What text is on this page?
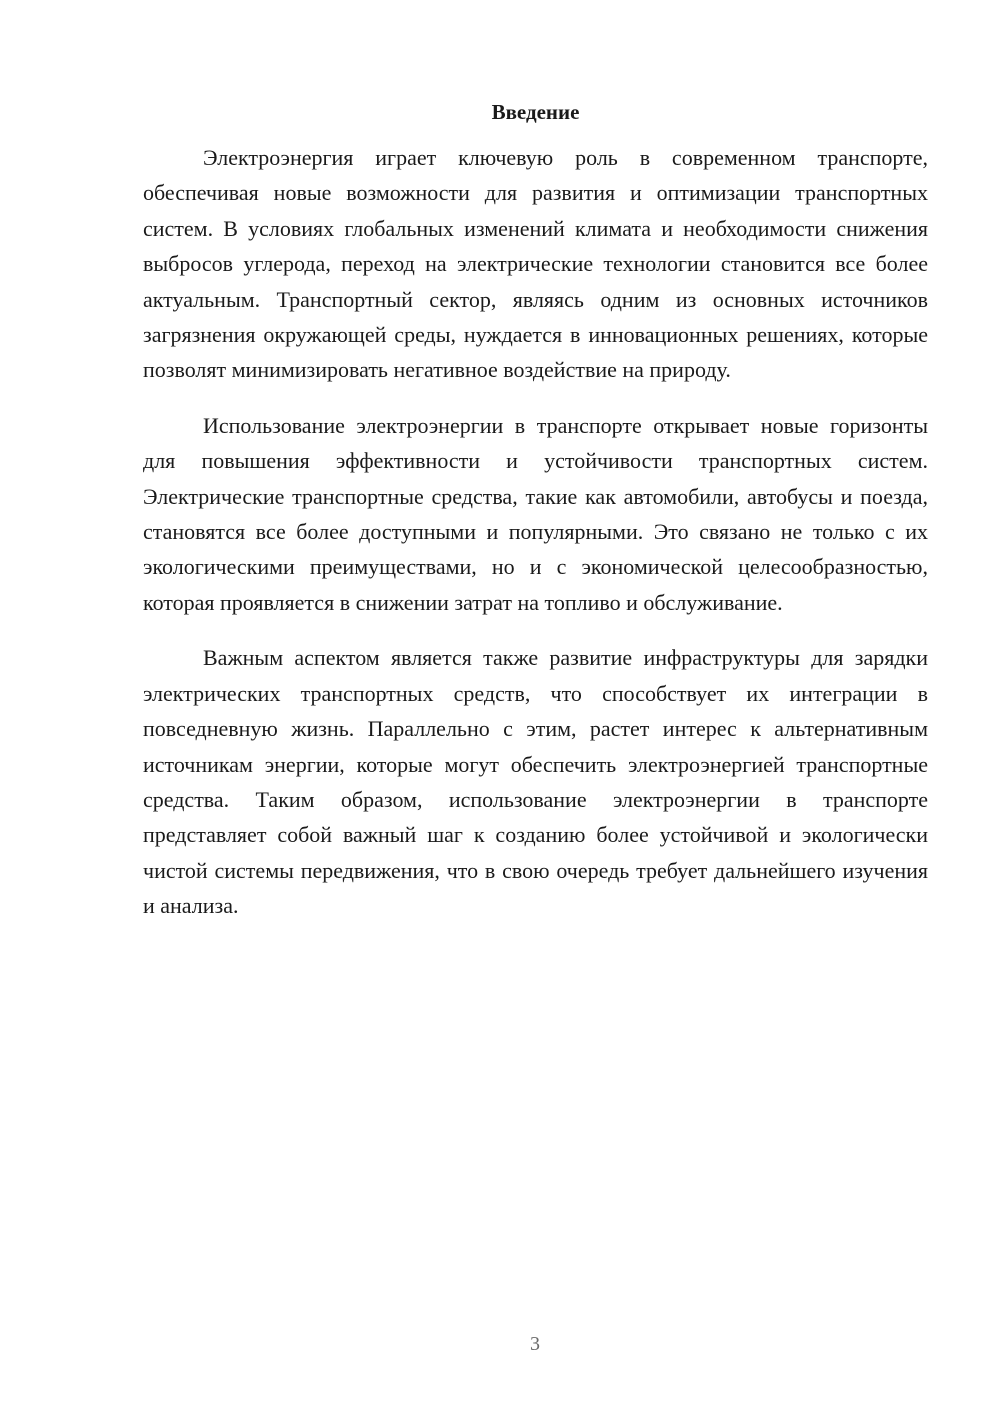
Введение

Электроэнергия играет ключевую роль в современном транспорте, обеспечивая новые возможности для развития и оптимизации транспортных систем. В условиях глобальных изменений климата и необходимости снижения выбросов углерода, переход на электрические технологии становится все более актуальным. Транспортный сектор, являясь одним из основных источников загрязнения окружающей среды, нуждается в инновационных решениях, которые позволят минимизировать негативное воздействие на природу.

Использование электроэнергии в транспорте открывает новые горизонты для повышения эффективности и устойчивости транспортных систем. Электрические транспортные средства, такие как автомобили, автобусы и поезда, становятся все более доступными и популярными. Это связано не только с их экологическими преимуществами, но и с экономической целесообразностью, которая проявляется в снижении затрат на топливо и обслуживание.

Важным аспектом является также развитие инфраструктуры для зарядки электрических транспортных средств, что способствует их интеграции в повседневную жизнь. Параллельно с этим, растет интерес к альтернативным источникам энергии, которые могут обеспечить электроэнергией транспортные средства. Таким образом, использование электроэнергии в транспорте представляет собой важный шаг к созданию более устойчивой и экологически чистой системы передвижения, что в свою очередь требует дальнейшего изучения и анализа.

3
